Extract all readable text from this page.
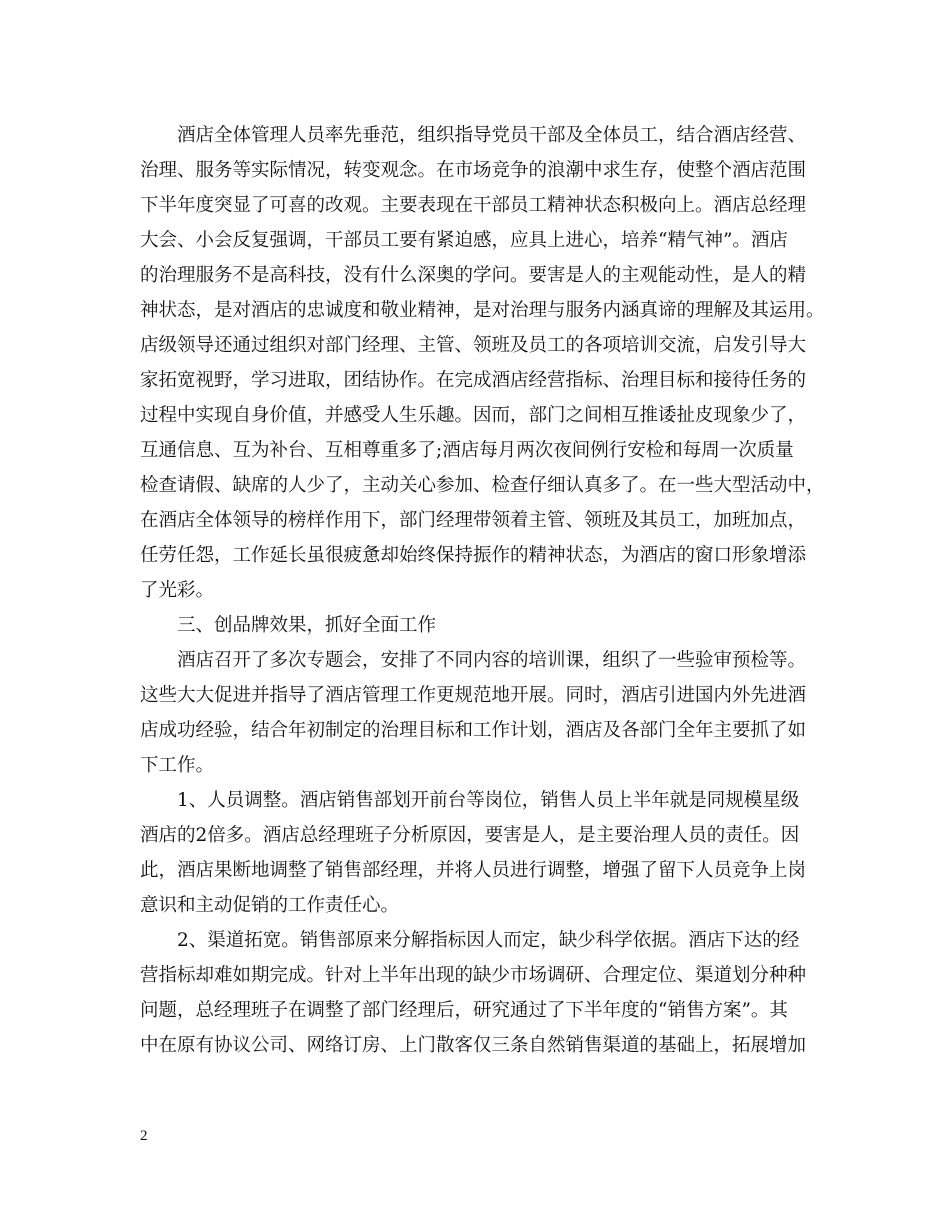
酒店全体管理人员率先垂范，组织指导党员干部及全体员工，结合酒店经营、
治理、服务等实际情况，转变观念。在市场竞争的浪潮中求生存，使整个酒店范围
下半年度突显了可喜的改观。主要表现在干部员工精神状态积极向上。酒店总经理
大会、小会反复强调，干部员工要有紧迫感，应具上进心，培养“精气神”。酒店
的治理服务不是高科技，没有什么深奥的学问。要害是人的主观能动性，是人的精
神状态，是对酒店的忠诚度和敬业精神，是对治理与服务内涵真谛的理解及其运用。
店级领导还通过组织对部门经理、主管、领班及员工的各项培训交流，启发引导大
家拓宽视野，学习进取，团结协作。在完成酒店经营指标、治理目标和接待任务的
过程中实现自身价值，并感受人生乐趣。因而，部门之间相互推诿扯皮现象少了，
互通信息、互为补台、互相尊重多了;酒店每月两次夜间例行安检和每周一次质量
检查请假、缺席的人少了，主动关心参加、检查仔细认真多了。在一些大型活动中，
在酒店全体领导的榜样作用下，部门经理带领着主管、领班及其员工，加班加点，
任劳任怨，工作延长虽很疲惫却始终保持振作的精神状态，为酒店的窗口形象增添
了光彩。
三、创品牌效果，抓好全面工作
酒店召开了多次专题会，安排了不同内容的培训课，组织了一些验审预检等。
这些大大促进并指导了酒店管理工作更规范地开展。同时，酒店引进国内外先进酒
店成功经验，结合年初制定的治理目标和工作计划，酒店及各部门全年主要抓了如
下工作。
1、人员调整。酒店销售部划开前台等岗位，销售人员上半年就是同规模星级
酒店的2倍多。酒店总经理班子分析原因，要害是人，是主要治理人员的责任。因
此，酒店果断地调整了销售部经理，并将人员进行调整，增强了留下人员竞争上岗
意识和主动促销的工作责任心。
2、渠道拓宽。销售部原来分解指标因人而定，缺少科学依据。酒店下达的经
营指标却难如期完成。针对上半年出现的缺少市场调研、合理定位、渠道划分种种
问题，总经理班子在调整了部门经理后，研究通过了下半年度的“销售方案”。其
中在原有协议公司、网络订房、上门散客仅三条自然销售渠道的基础上，拓展增加
2
